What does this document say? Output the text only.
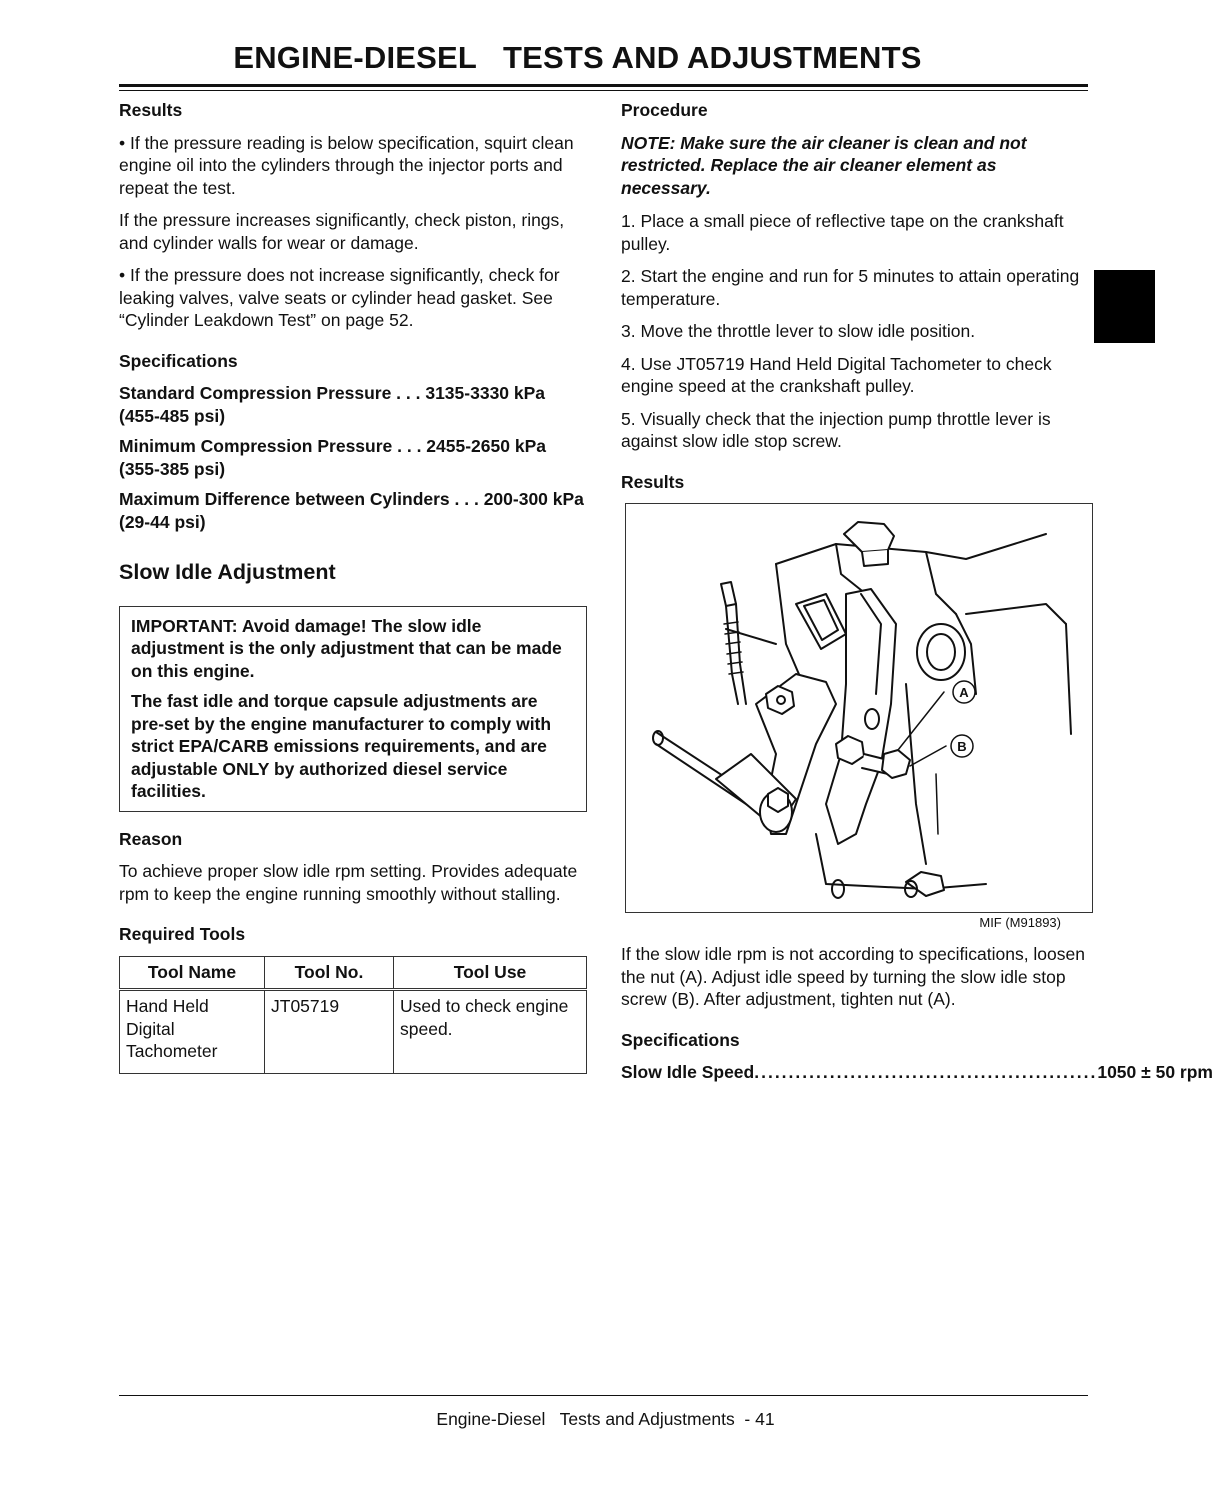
ENGINE-DIESEL   TESTS AND ADJUSTMENTS
Results

• If the pressure reading is below specification, squirt clean engine oil into the cylinders through the injector ports and repeat the test.

If the pressure increases significantly, check piston, rings, and cylinder walls for wear or damage.

• If the pressure does not increase significantly, check for leaking valves, valve seats or cylinder head gasket. See “Cylinder Leakdown Test” on page 52.

Specifications

Standard Compression Pressure . . . 3135-3330 kPa (455-485 psi)

Minimum Compression Pressure . . . 2455-2650 kPa (355-385 psi)

Maximum Difference between Cylinders . . . 200-300 kPa (29-44 psi)

Slow Idle Adjustment

IMPORTANT: Avoid damage! The slow idle adjustment is the only adjustment that can be made on this engine.

The fast idle and torque capsule adjustments are pre-set by the engine manufacturer to comply with strict EPA/CARB emissions requirements, and are adjustable ONLY by authorized diesel service facilities.

Reason

To achieve proper slow idle rpm setting. Provides adequate rpm to keep the engine running smoothly without stalling.

Required Tools
Tool Name	Tool No.	Tool Use
Hand Held Digital Tachometer	JT05719	Used to check engine speed.
Procedure

NOTE: Make sure the air cleaner is clean and not restricted. Replace the air cleaner element as necessary.

1. Place a small piece of reflective tape on the crankshaft pulley.

2. Start the engine and run for 5 minutes to attain operating temperature.

3. Move the throttle lever to slow idle position.

4. Use JT05719 Hand Held Digital Tachometer to check engine speed at the crankshaft pulley.

5. Visually check that the injection pump throttle lever is against slow idle stop screw.

Results
A
B
MIF (M91893)

If the slow idle rpm is not according to specifications, loosen the nut (A). Adjust idle speed by turning the slow idle stop screw (B). After adjustment, tighten nut (A).

Specifications
Slow Idle Speed .................................................. 1050 ± 50 rpm
Engine-Diesel   Tests and Adjustments  - 41
